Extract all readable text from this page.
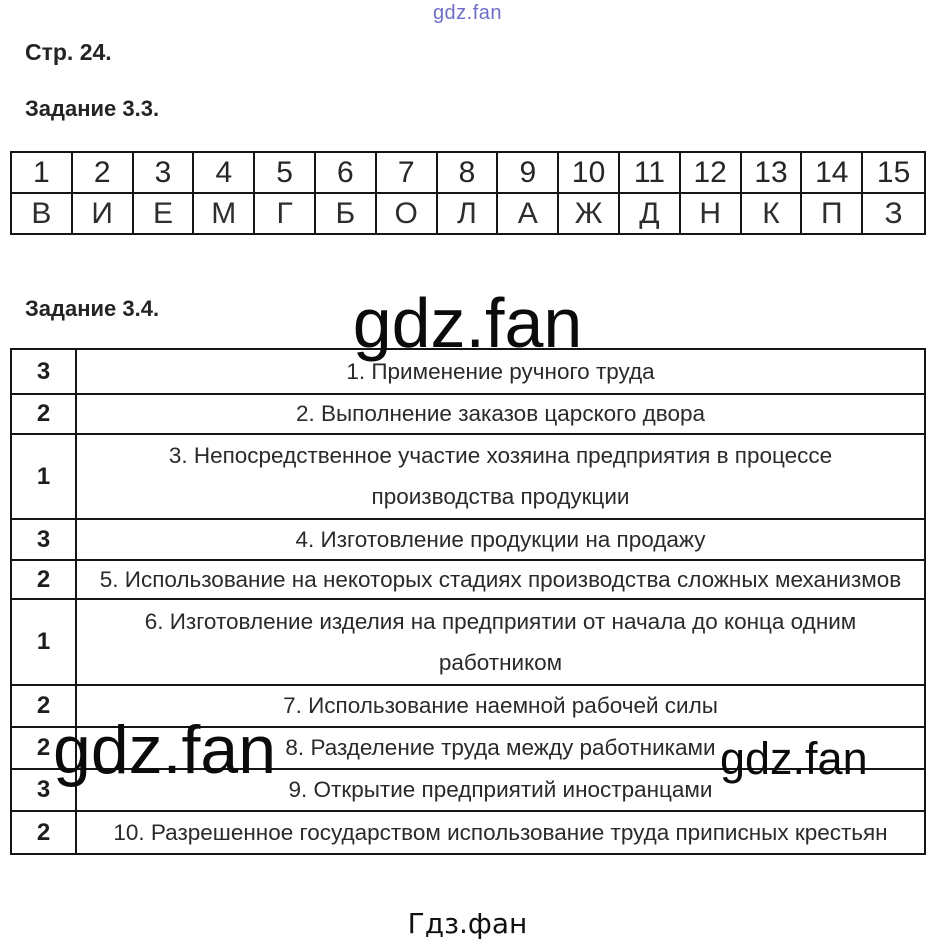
gdz.fan
Стр. 24.
Задание 3.3.
1	2	3	4	5	6	7	8	9	10 11 12 13 14 15
В	И	Е	М	Г	Б	О	Л	А	Ж	Д	Н	К	П	З
Задание 3.4.	gdz.fan
3	1. Применение ручного труда
2	2. Выполнение заказов царского двора
1
3. Непосредственное участие хозяина предприятия в процессе
производства продукции
3	4. Изготовление продукции на продажу
2	5. Использование на некоторых стадиях производства сложных механизмов
1
6. Изготовление изделия на предприятии от начала до конца одним
работником
2	7. Использование наемной рабочей силы
2	8. Разделение труда между работниками
3	9. Открытие предприятий иностранцами
2	10. Разрешенное государством использование труда приписных крестьян
gdz.fan	gdz.fan
Гдз.фан
